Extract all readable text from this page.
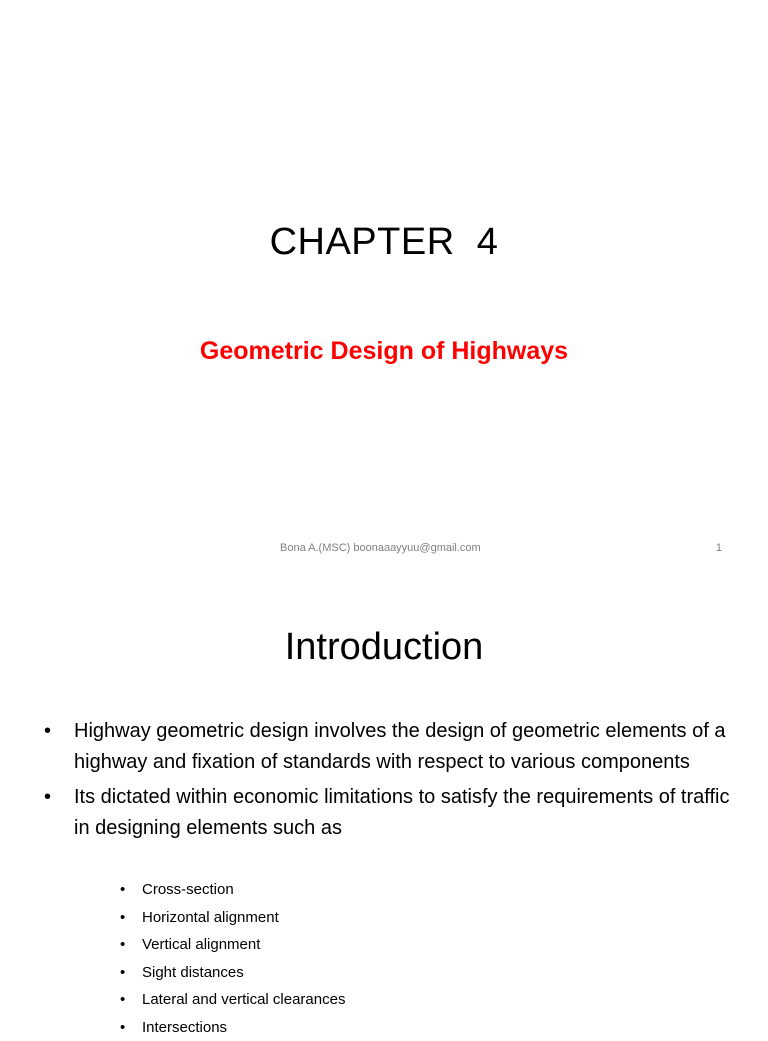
CHAPTER  4
Geometric Design of Highways
Bona A.(MSC) boonaaayyuu@gmail.com	1
Introduction
• Highway geometric design involves the design of geometric elements of a highway and fixation of standards with respect to various components
• Its dictated within economic limitations to satisfy the requirements of traffic in designing elements such as
• Cross-section
• Horizontal alignment
• Vertical alignment
• Sight distances
• Lateral and vertical clearances
• Intersections
